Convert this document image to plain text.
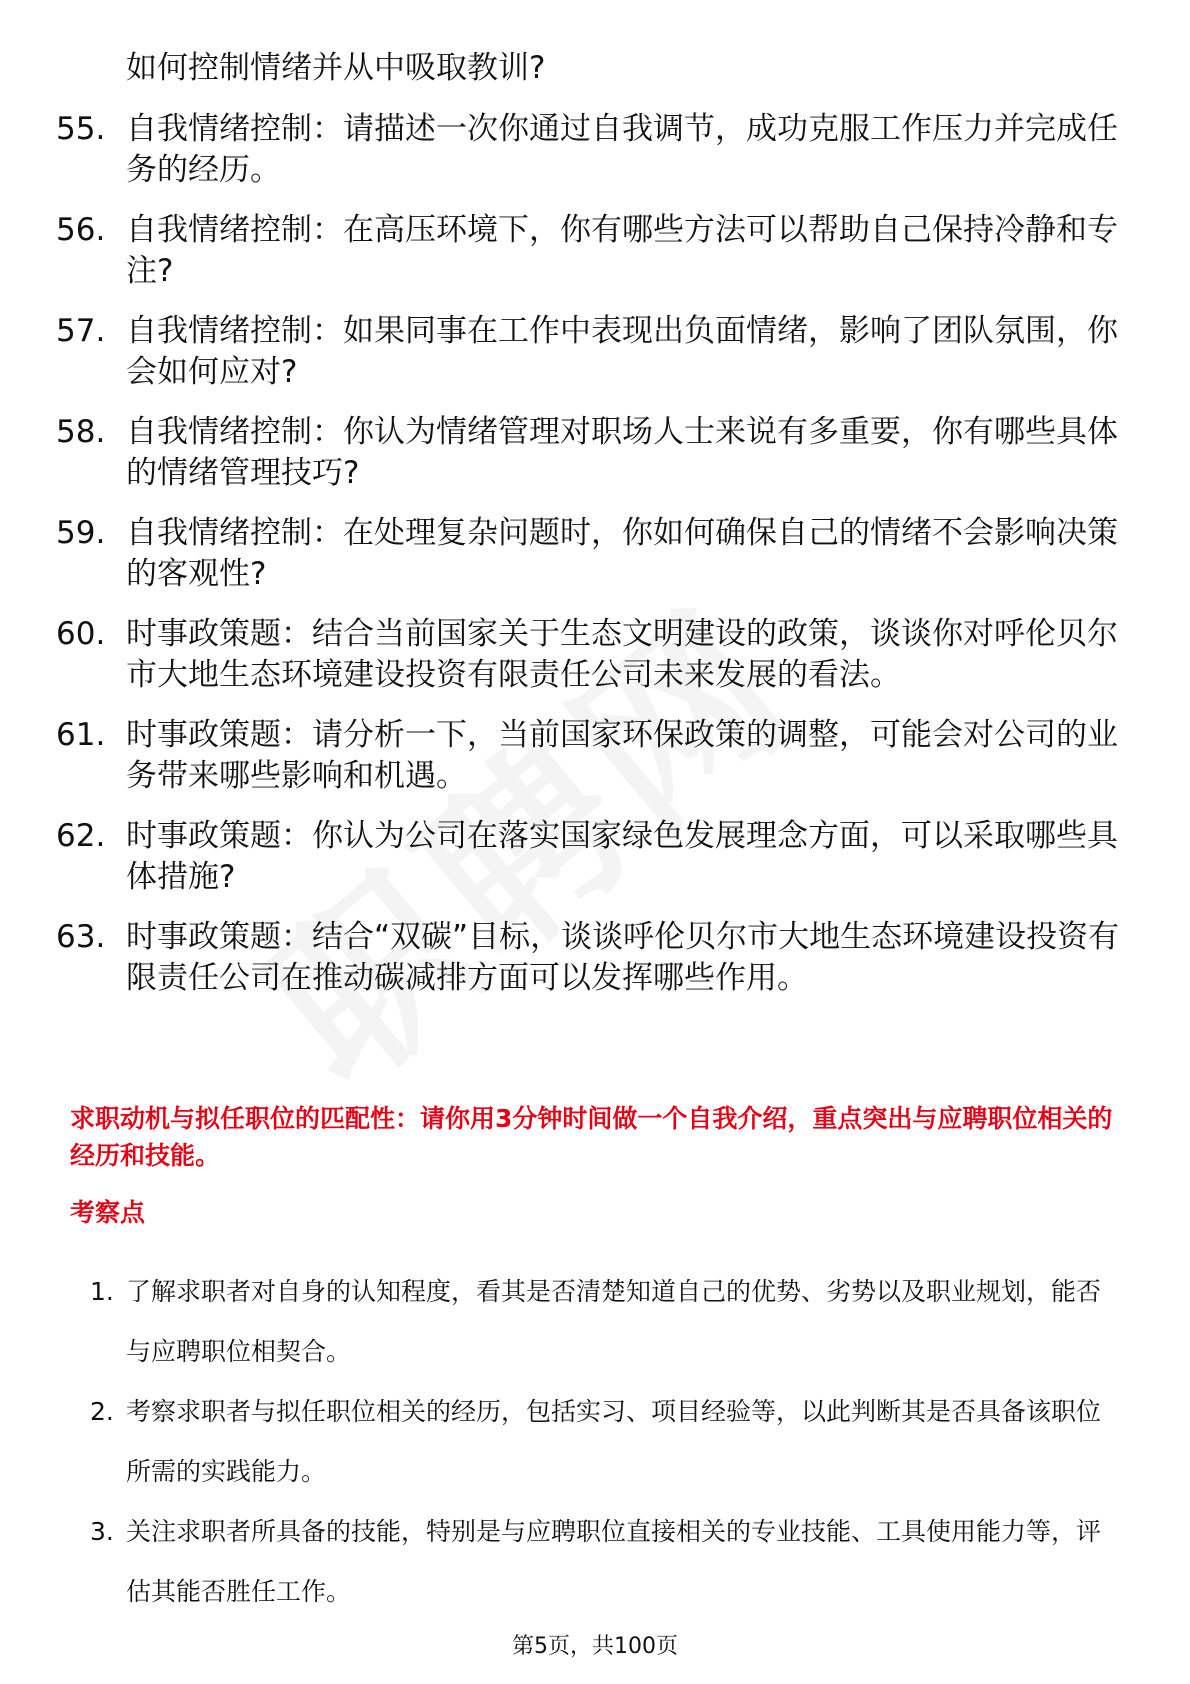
如何控制情绪并从中吸取教训?
55. 自我情绪控制：请描述一次你通过自我调节，成功克服工作压力并完成任务的经历。
56. 自我情绪控制：在高压环境下，你有哪些方法可以帮助自己保持冷静和专注?
57. 自我情绪控制：如果同事在工作中表现出负面情绪，影响了团队氛围，你会如何应对?
58. 自我情绪控制：你认为情绪管理对职场人士来说有多重要，你有哪些具体的情绪管理技巧?
59. 自我情绪控制：在处理复杂问题时，你如何确保自己的情绪不会影响决策的客观性?
60. 时事政策题：结合当前国家关于生态文明建设的政策，谈谈你对呼伦贝尔市大地生态环境建设投资有限责任公司未来发展的看法。
61. 时事政策题：请分析一下，当前国家环保政策的调整，可能会对公司的业务带来哪些影响和机遇。
62. 时事政策题：你认为公司在落实国家绿色发展理念方面，可以采取哪些具体措施?
63. 时事政策题：结合“双碳”目标，谈谈呼伦贝尔市大地生态环境建设投资有限责任公司在推动碳减排方面可以发挥哪些作用。
求职动机与拟任职位的匹配性：请你用3分钟时间做一个自我介绍，重点突出与应聘职位相关的经历和技能。
考察点
1. 了解求职者对自身的认知程度，看其是否清楚知道自己的优势、劣势以及职业规划，能否与应聘职位相契合。
2. 考察求职者与拟任职位相关的经历，包括实习、项目经验等，以此判断其是否具备该职位所需的实践能力。
3. 关注求职者所具备的技能，特别是与应聘职位直接相关的专业技能、工具使用能力等，评估其能否胜任工作。
第5页，共100页
